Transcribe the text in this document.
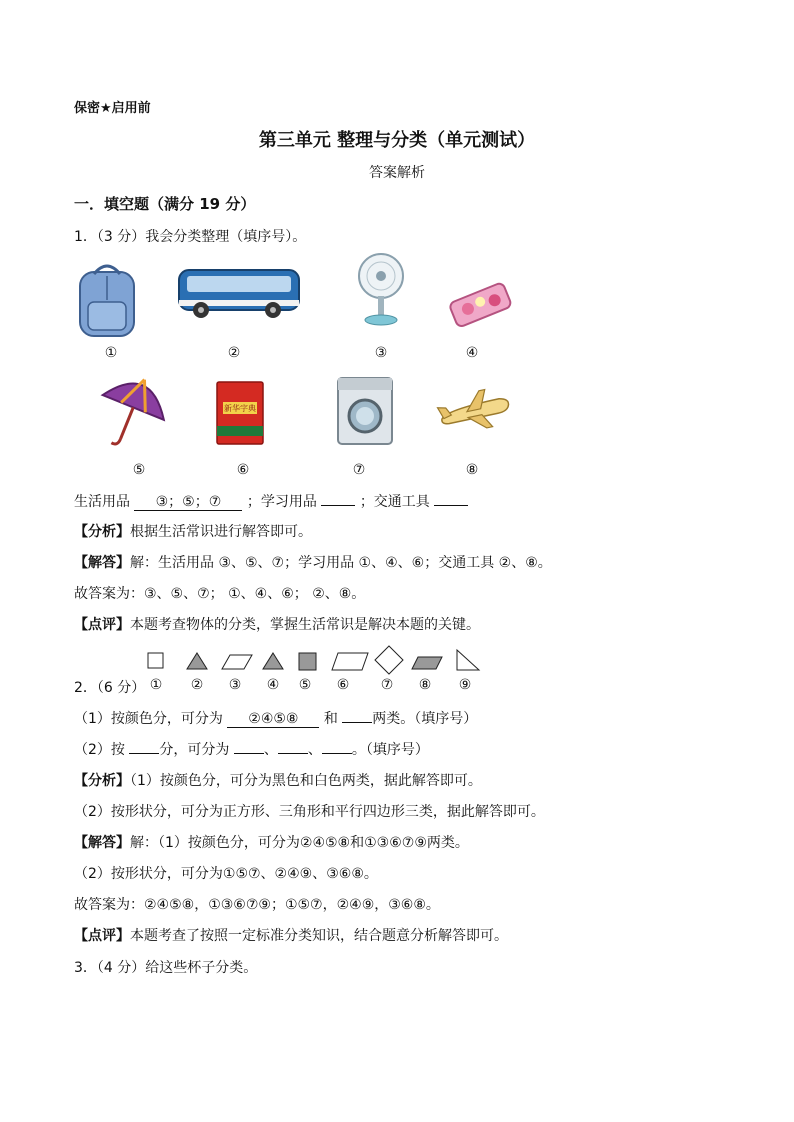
保密★启用前
第三单元 整理与分类（单元测试）
答案解析
一．填空题（满分 19 分）
1．（3 分）我会分类整理（填序号）。
①	②	③	④
新华字典
⑤	⑥	⑦	⑧
生活用品 ③；⑤；⑦ ；学习用品	；交通工具
【分析】根据生活常识进行解答即可。
【解答】解：生活用品 ③、⑤、⑦；学习用品 ①、④、⑥；交通工具 ②、⑧。
故答案为：③、⑤、⑦； ①、④、⑥； ②、⑧。
【点评】本题考查物体的分类，掌握生活常识是解决本题的关键。
2．（6 分） ①	②	③	④	⑤	⑥	⑦	⑧	⑨
（1）按颜色分，可分为 ②④⑤⑧ 和 两类。（填序号）
（2）按 分，可分为 、 、 。（填序号）
【分析】（1）按颜色分，可分为黑色和白色两类，据此解答即可。
（2）按形状分，可分为正方形、三角形和平行四边形三类，据此解答即可。
【解答】解：（1）按颜色分，可分为②④⑤⑧和①③⑥⑦⑨两类。
（2）按形状分，可分为①⑤⑦、②④⑨、③⑥⑧。
故答案为：②④⑤⑧，①③⑥⑦⑨；①⑤⑦，②④⑨，③⑥⑧。
【点评】本题考查了按照一定标准分类知识，结合题意分析解答即可。
3．（4 分）给这些杯子分类。
